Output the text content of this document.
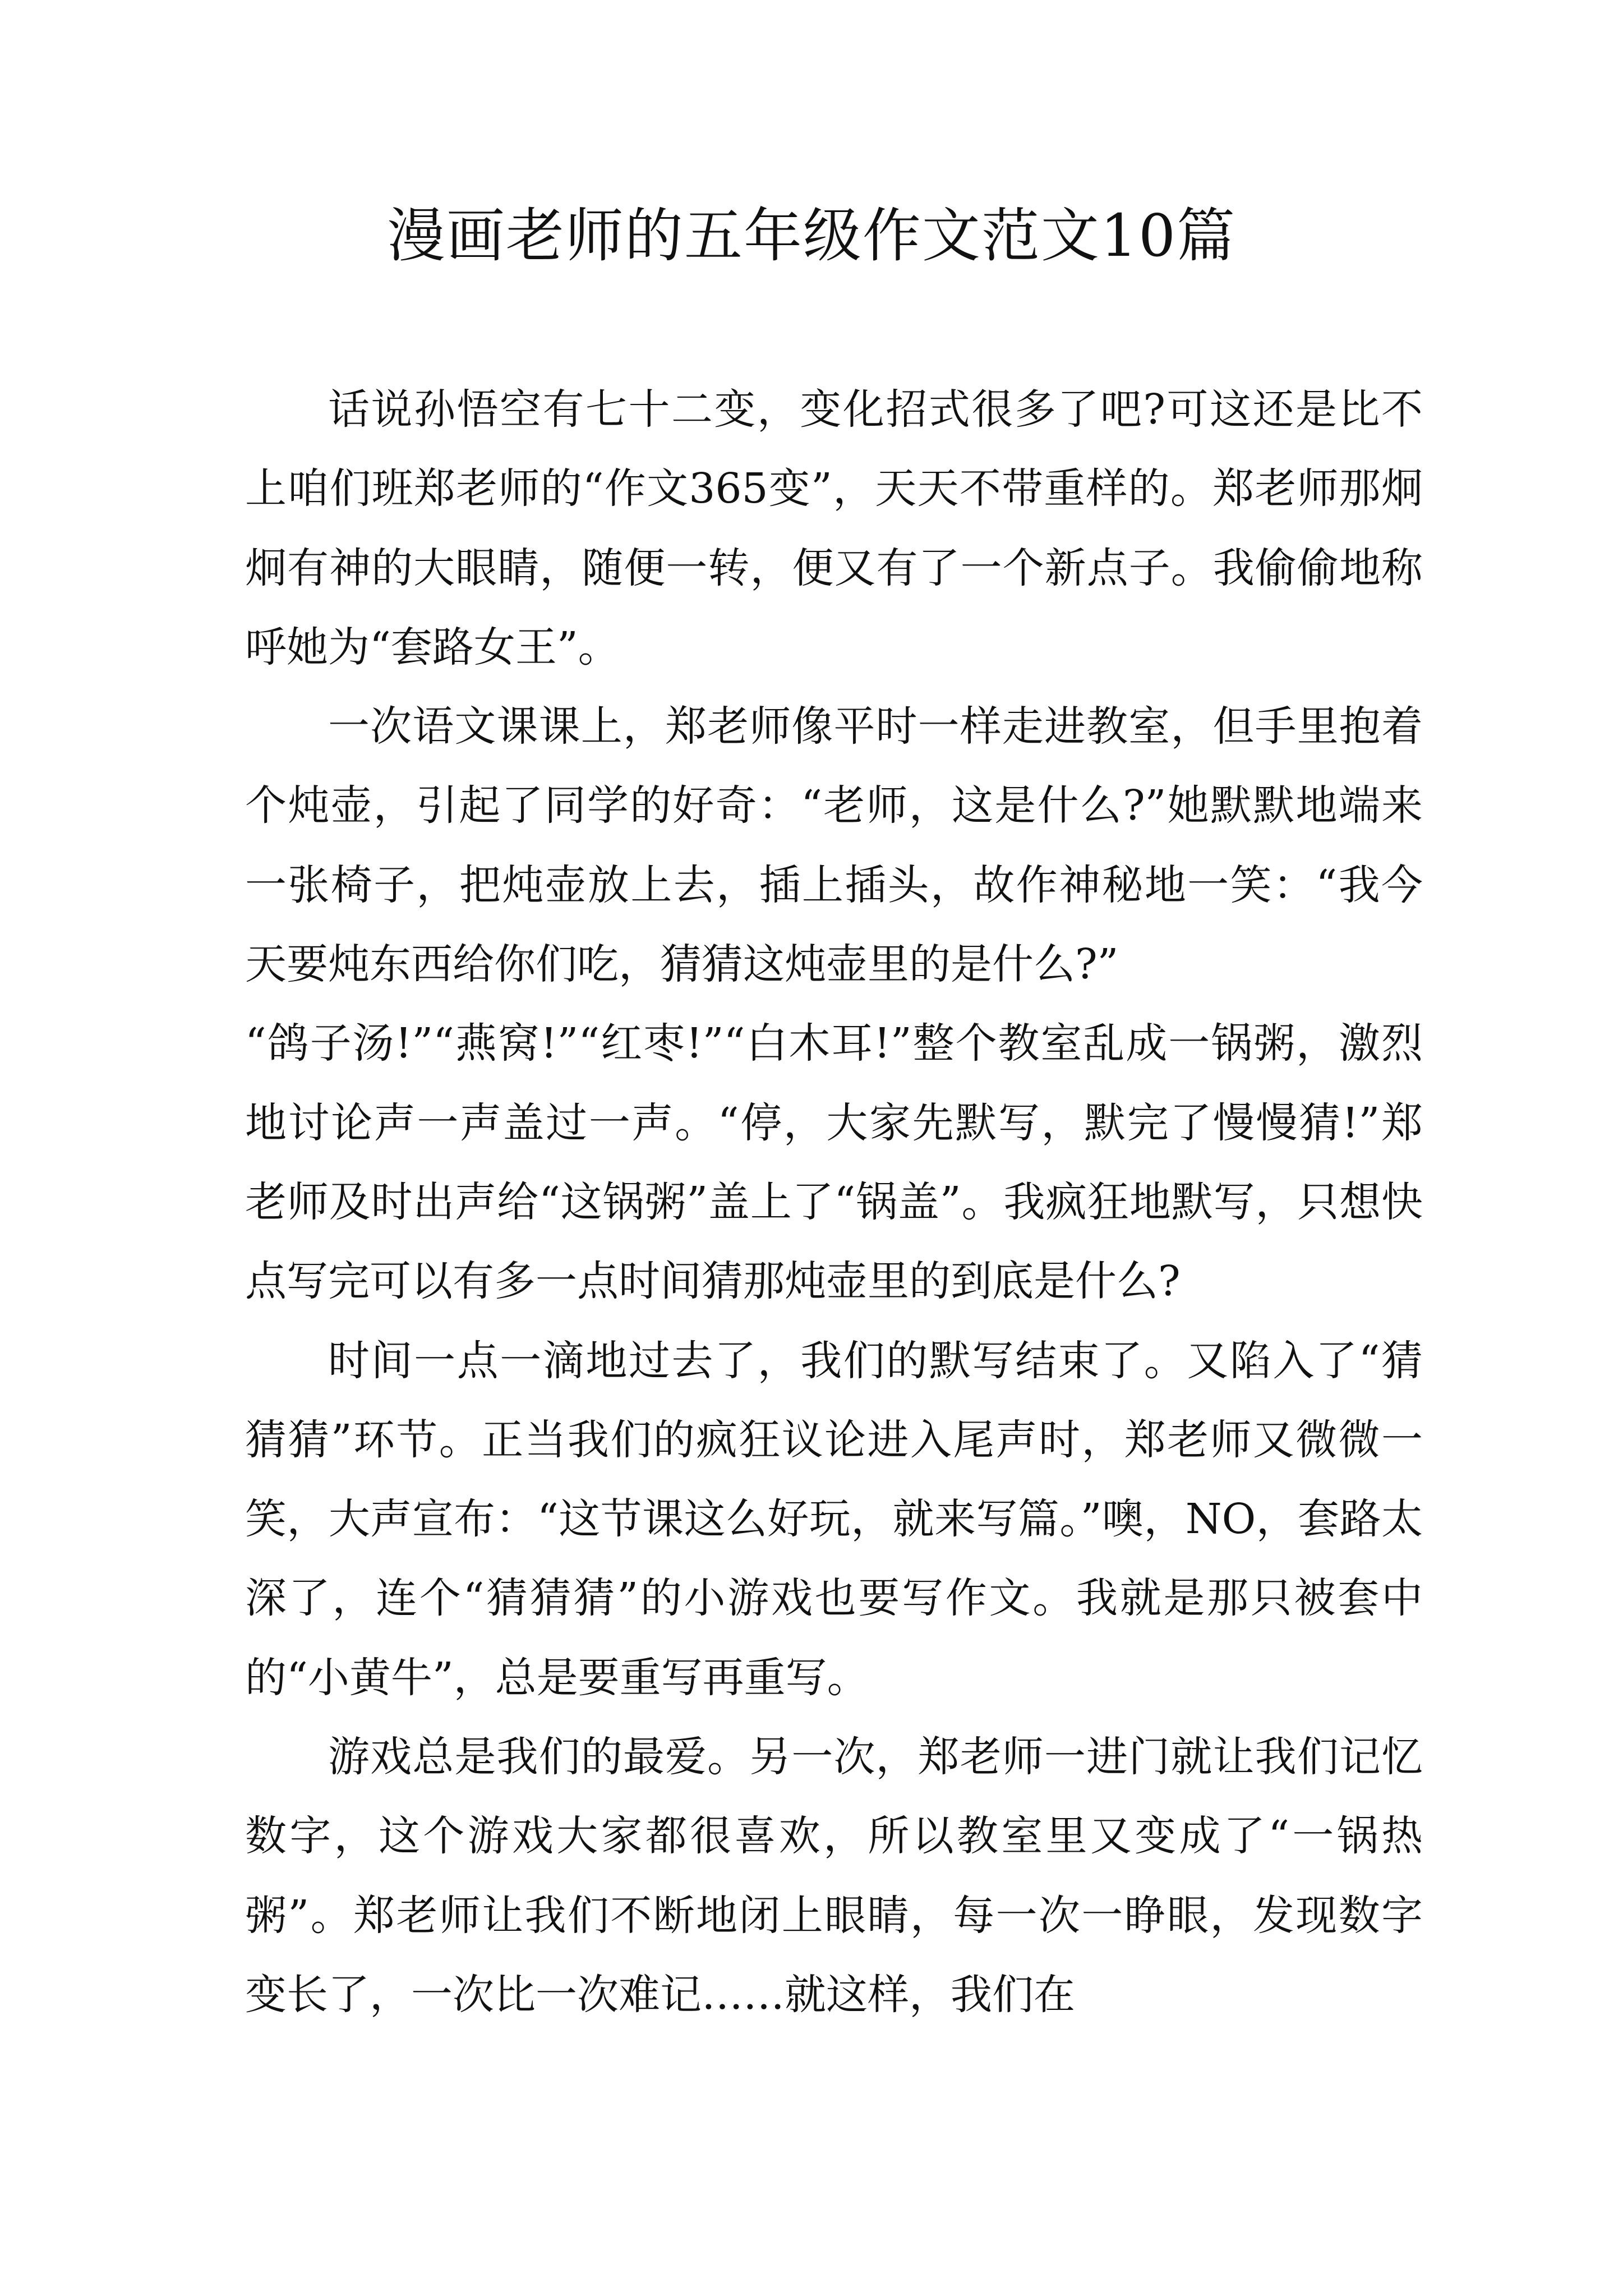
漫画老师的五年级作文范文10篇

话说孙悟空有七十二变，变化招式很多了吧?可这还是比不上咱们班郑老师的“作文365变”，天天不带重样的。郑老师那炯炯有神的大眼睛，随便一转，便又有了一个新点子。我偷偷地称呼她为“套路女王”。

一次语文课课上，郑老师像平时一样走进教室，但手里抱着个炖壶，引起了同学的好奇：“老师，这是什么?”她默默地端来一张椅子，把炖壶放上去，插上插头，故作神秘地一笑：“我今天要炖东西给你们吃，猜猜这炖壶里的是什么?”

“鸽子汤!”“燕窝!”“红枣!”“白木耳!”整个教室乱成一锅粥，激烈地讨论声一声盖过一声。“停，大家先默写，默完了慢慢猜!”郑老师及时出声给“这锅粥”盖上了“锅盖”。我疯狂地默写，只想快点写完可以有多一点时间猜那炖壶里的到底是什么?

时间一点一滴地过去了，我们的默写结束了。又陷入了“猜猜猜”环节。正当我们的疯狂议论进入尾声时，郑老师又微微一笑，大声宣布：“这节课这么好玩，就来写篇。”噢，NO，套路太深了，连个“猜猜猜”的小游戏也要写作文。我就是那只被套中的“小黄牛”，总是要重写再重写。

游戏总是我们的最爱。另一次，郑老师一进门就让我们记忆数字，这个游戏大家都很喜欢，所以教室里又变成了“一锅热粥”。郑老师让我们不断地闭上眼睛，每一次一睁眼，发现数字变长了，一次比一次难记……就这样，我们在
